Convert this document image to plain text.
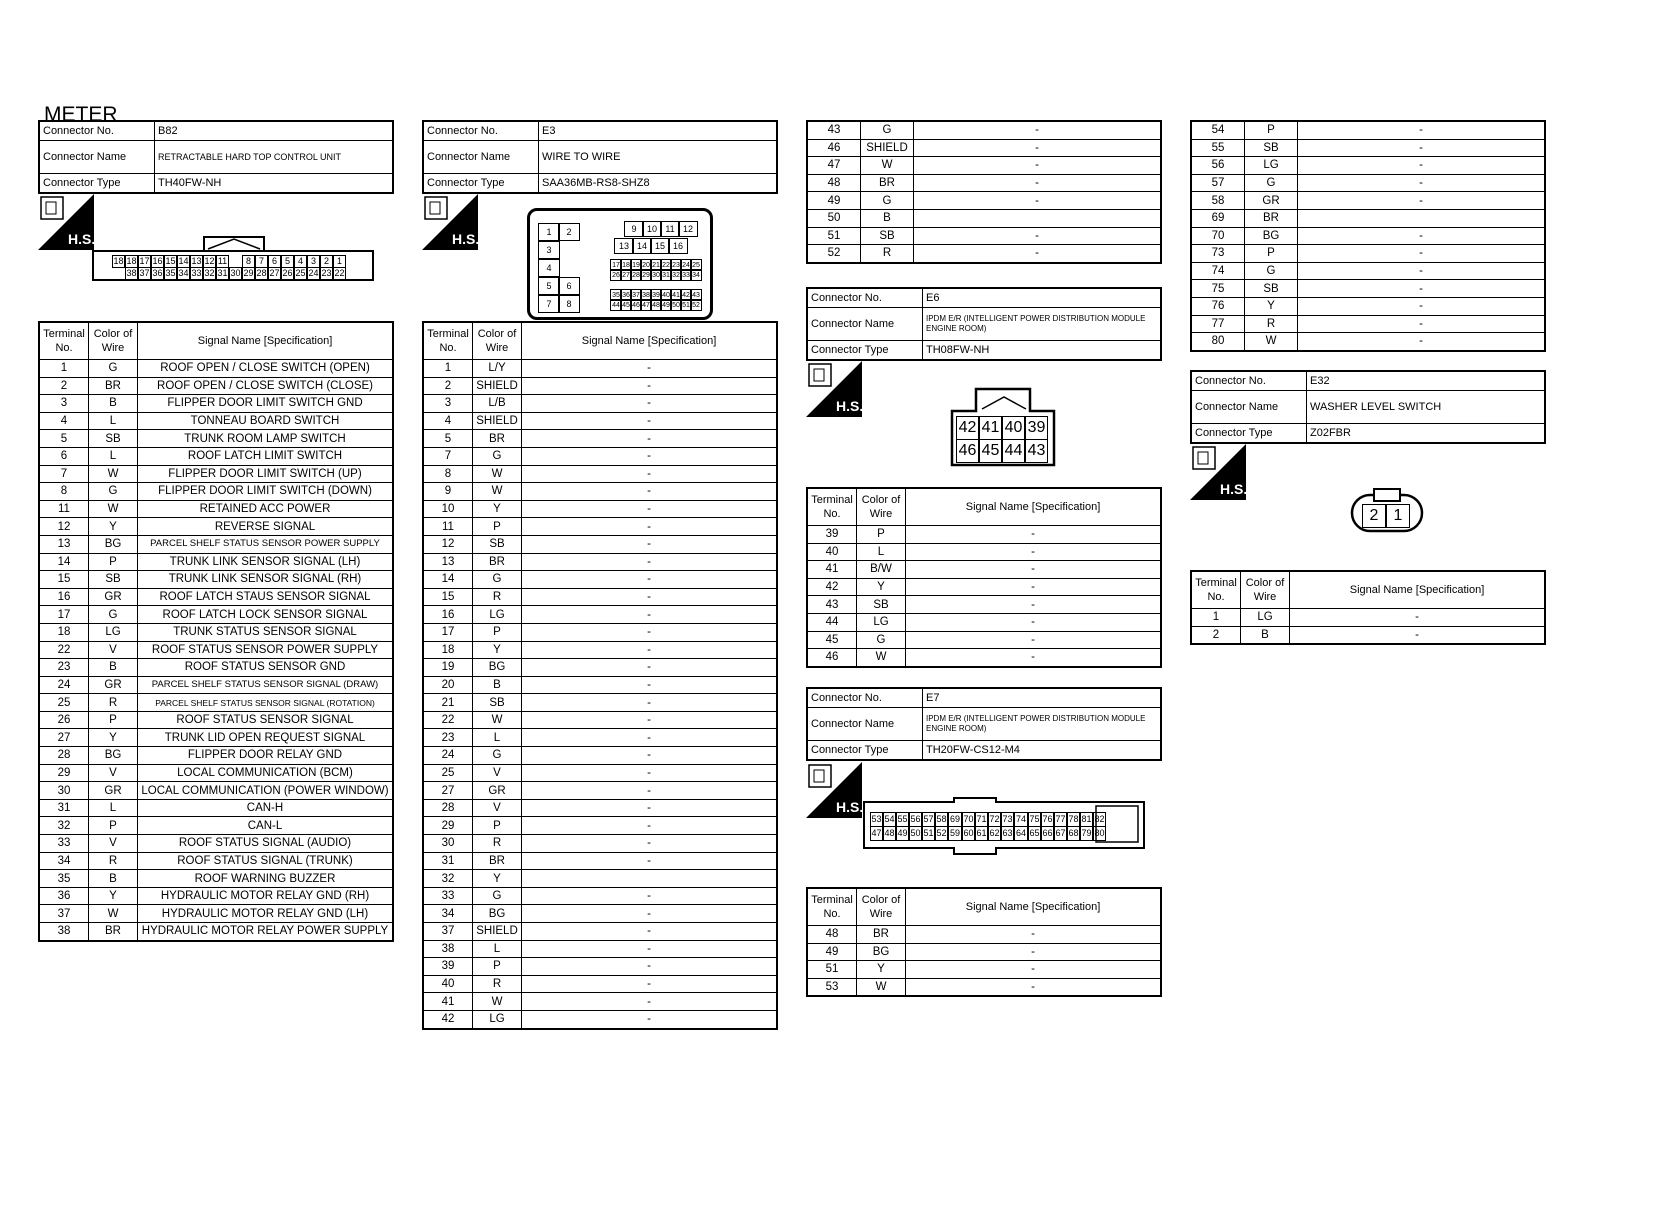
METER
Connector No.	B82
Connector Name	RETRACTABLE HARD TOP CONTROL UNIT
Connector Type	TH40FW-NH
H.S.
18 18 17 16 15 14 13 12 11	8 7 6 5 4 3 2 1
38 37 36 35 34 33 32 31 30 29 28 27 26 25 24 23 22
Terminal No.	Color of Wire	Signal Name [Specification]
1	G	ROOF OPEN / CLOSE SWITCH (OPEN)
2	BR	ROOF OPEN / CLOSE SWITCH (CLOSE)
3	B	FLIPPER DOOR LIMIT SWITCH GND
4	L	TONNEAU BOARD SWITCH
5	SB	TRUNK ROOM LAMP SWITCH
6	L	ROOF LATCH LIMIT SWITCH
7	W	FLIPPER DOOR LIMIT SWITCH (UP)
8	G	FLIPPER DOOR LIMIT SWITCH (DOWN)
11	W	RETAINED ACC POWER
12	Y	REVERSE SIGNAL
13	BG	PARCEL SHELF STATUS SENSOR POWER SUPPLY
14	P	TRUNK LINK SENSOR SIGNAL (LH)
15	SB	TRUNK LINK SENSOR SIGNAL (RH)
16	GR	ROOF LATCH STAUS SENSOR SIGNAL
17	G	ROOF LATCH LOCK SENSOR SIGNAL
18	LG	TRUNK STATUS SENSOR SIGNAL
22	V	ROOF STATUS SENSOR POWER SUPPLY
23	B	ROOF STATUS SENSOR GND
24	GR	PARCEL SHELF STATUS SENSOR SIGNAL (DRAW)
25	R	PARCEL SHELF STATUS SENSOR SIGNAL (ROTATION)
26	P	ROOF STATUS SENSOR SIGNAL
27	Y	TRUNK LID OPEN REQUEST SIGNAL
28	BG	FLIPPER DOOR RELAY GND
29	V	LOCAL COMMUNICATION (BCM)
30	GR	LOCAL COMMUNICATION (POWER WINDOW)
31	L	CAN-H
32	P	CAN-L
33	V	ROOF STATUS SIGNAL (AUDIO)
34	R	ROOF STATUS SIGNAL (TRUNK)
35	B	ROOF WARNING BUZZER
36	Y	HYDRAULIC MOTOR RELAY GND (RH)
37	W	HYDRAULIC MOTOR RELAY GND (LH)
38	BR	HYDRAULIC MOTOR RELAY POWER SUPPLY
Connector No.	E3
Connector Name	WIRE TO WIRE
Connector Type	SAA36MB-RS8-SHZ8
H.S.	1	2
3
4
5	6
7	8
9	10 11 12
13 14 15 16
17 18 19 20 21 22 23 24 25
26 27 28 29 30 31 32 33 34
35 36 37 38 39 40 41 42 43
44 45 46 47 48 49 50 51 52
Terminal No.	Color of Wire	Signal Name [Specification]
1	L/Y	-
2	SHIELD	-
3	L/B	-
4	SHIELD	-
5	BR	-
7	G	-
8	W	-
9	W	-
10	Y	-
11	P	-
12	SB	-
13	BR	-
14	G	-
15	R	-
16	LG	-
17	P	-
18	Y	-
19	BG	-
20	B	-
21	SB	-
22	W	-
23	L	-
24	G	-
25	V	-
27	GR	-
28	V	-
29	P	-
30	R	-
31	BR	-
32	Y	
33	G	-
34	BG	-
37	SHIELD	-
38	L	-
39	P	-
40	R	-
41	W	-
42	LG	-
43	G	-
46	SHIELD	-
47	W	-
48	BR	-
49	G	-
50	B	
51	SB	-
52	R	-
Connector No.	E6
Connector Name	IPDM E/R (INTELLIGENT POWER DISTRIBUTION MODULE ENGINE ROOM)
Connector Type	TH08FW-NH
H.S.
42 41 40 39
46 45 44 43
Terminal No.	Color of Wire	Signal Name [Specification]
39	P	-
40	L	-
41	B/W	-
42	Y	-
43	SB	-
44	LG	-
45	G	-
46	W	-
Connector No.	E7
Connector Name	IPDM E/R (INTELLIGENT POWER DISTRIBUTION MODULE ENGINE ROOM)
Connector Type	TH20FW-CS12-M4
H.S.
53 54 55 56 57 58 69 70 71 72 73 74 75 76 77 78 81 82
47 48 49 50 51 52 59 60 61 62 63 64 65 66 67 68 79 80
Terminal No.	Color of Wire	Signal Name [Specification]
48	BR	-
49	BG	-
51	Y	-
53	W	-
54	P	-
55	SB	-
56	LG	-
57	G	-
58	GR	-
69	BR	
70	BG	-
73	P	-
74	G	-
75	SB	-
76	Y	-
77	R	-
80	W	-
Connector No.	E32
Connector Name	WASHER LEVEL SWITCH
Connector Type	Z02FBR
H.S.
2 1
Terminal No.	Color of Wire	Signal Name [Specification]
1	LG	-
2	B	-
